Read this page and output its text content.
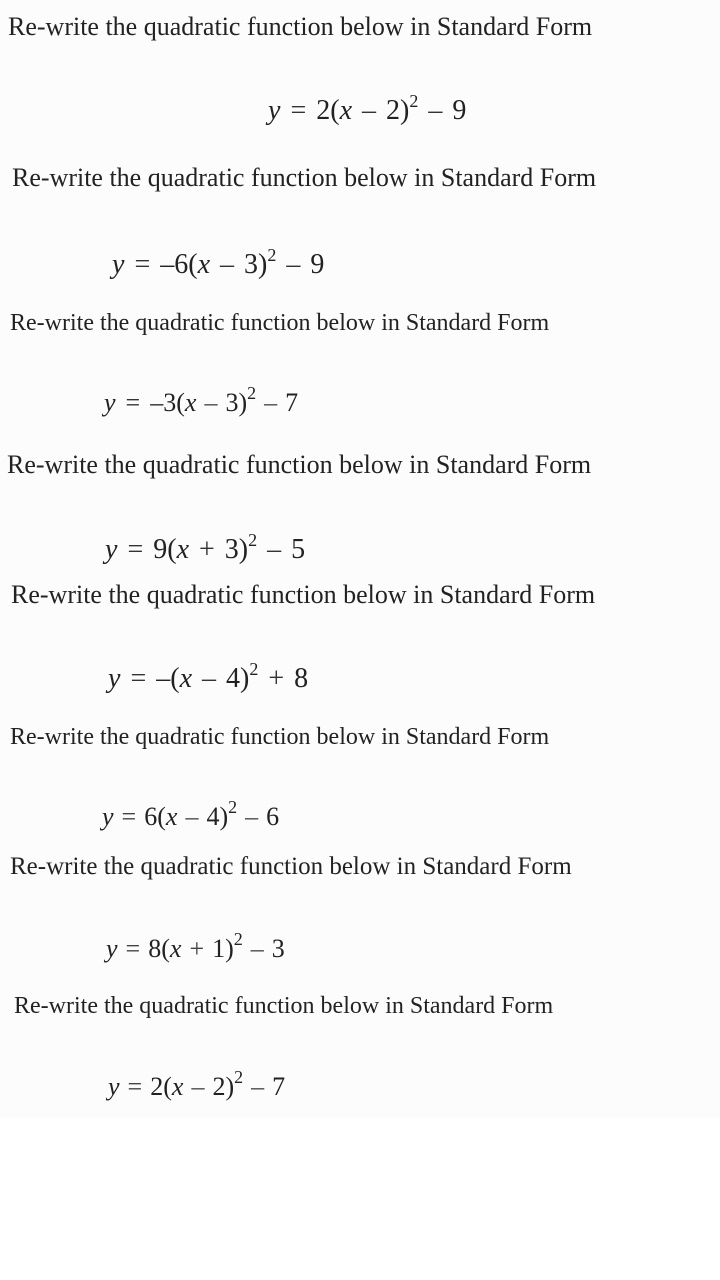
Re-write the quadratic function below in Standard Form
y = 2(x – 2)$^2$ – 9
Re-write the quadratic function below in Standard Form
y = –6(x – 3)$^2$ – 9
Re-write the quadratic function below in Standard Form
y = –3(x – 3)$^2$ – 7
Re-write the quadratic function below in Standard Form
$y = 9(x + 3)^2 - 5$
Re-write the quadratic function below in Standard Form
y = –(x – 4)$^2$ + 8
Re-write the quadratic function below in Standard Form
y = 6(x – 4)$^2$ – 6
Re-write the quadratic function below in Standard Form
$y = 8(x + 1)^2 - 3$
Re-write the quadratic function below in Standard Form
y = 2(x – 2)$^2$ – 7
